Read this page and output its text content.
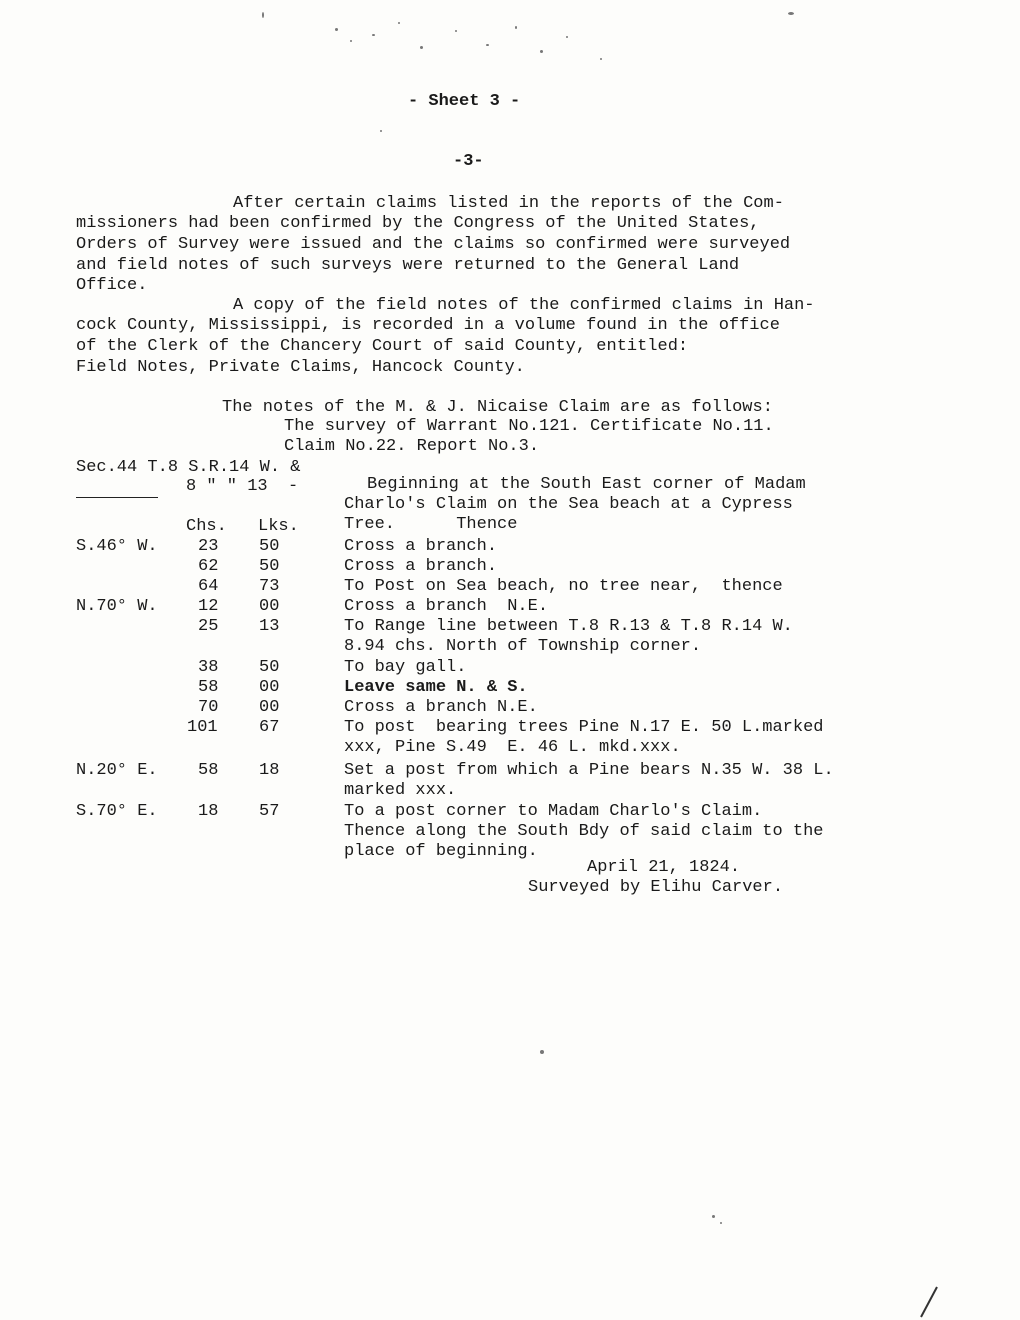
- Sheet 3 -
-3-
After certain claims listed in the reports of the Com-
missioners had been confirmed by the Congress of the United States,
Orders of Survey were issued and the claims so confirmed were surveyed
and field notes of such surveys were returned to the General Land
Office.
A copy of the field notes of the confirmed claims in Han-
cock County, Mississippi, is recorded in a volume found in the office
of the Clerk of the Chancery Court of said County, entitled:
Field Notes, Private Claims, Hancock County.
The notes of the M. & J. Nicaise Claim are as follows:
The survey of Warrant No.121. Certificate No.11.
Claim No.22. Report No.3.
Sec.44 T.8 S.R.14 W. &
8 " " 13  -	Beginning at the South East corner of Madam
Charlo's Claim on the Sea beach at a Cypress
Tree.      Thence
Chs. Lks.
S.46° W. 23 50	Cross a branch.
62 50	Cross a branch.
64 73	To Post on Sea beach, no tree near,  thence
N.70° W. 12 00	Cross a branch  N.E.
25 13	To Range line between T.8 R.13 & T.8 R.14 W.
8.94 chs. North of Township corner.
38 50	To bay gall.
58 00	Leave same N. & S.
70 00	Cross a branch N.E.
101 67	To post  bearing trees Pine N.17 E. 50 L.marked
xxx, Pine S.49  E. 46 L. mkd.xxx.
N.20° E. 58 18	Set a post from which a Pine bears N.35 W. 38 L.
marked xxx.
S.70° E. 18 57	To a post corner to Madam Charlo's Claim.
Thence along the South Bdy of said claim to the
place of beginning.
April 21, 1824.
Surveyed by Elihu Carver.
